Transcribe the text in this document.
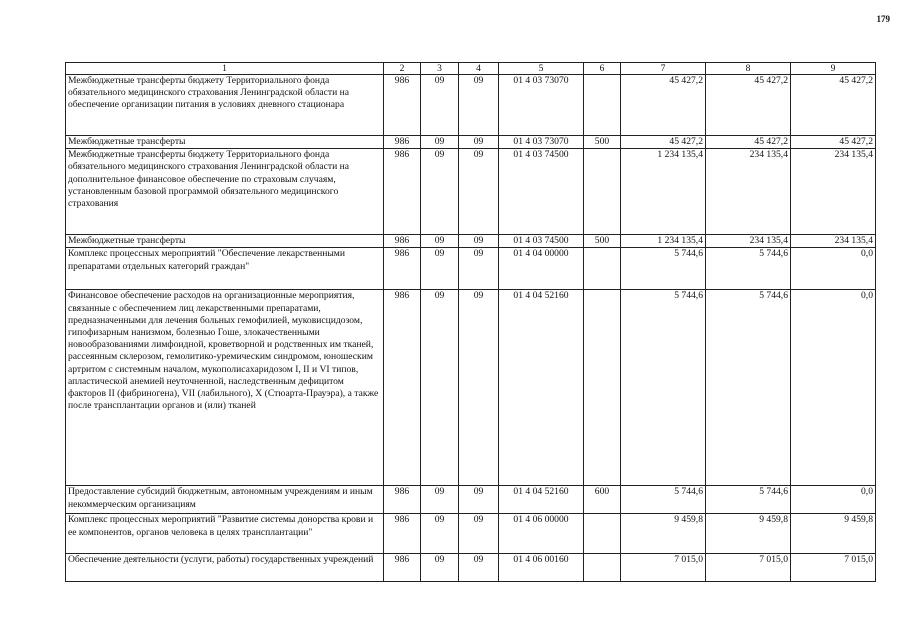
179
1	2	3	4	5	6	7	8	9
Межбюджетные трансферты бюджету Территориального фонда обязательного медицинского страхования Ленинградской области на обеспечение организации питания в условиях дневного стационара	986	09	09	01 4 03 73070		45 427,2	45 427,2	45 427,2
Межбюджетные трансферты	986	09	09	01 4 03 73070	500	45 427,2	45 427,2	45 427,2
Межбюджетные трансферты бюджету Территориального фонда обязательного медицинского страхования Ленинградской области на дополнительное финансовое обеспечение по страховым случаям, установленным базовой программой обязательного медицинского страхования	986	09	09	01 4 03 74500		1 234 135,4	234 135,4	234 135,4
Межбюджетные трансферты	986	09	09	01 4 03 74500	500	1 234 135,4	234 135,4	234 135,4
Комплекс процессных мероприятий "Обеспечение лекарственными препаратами отдельных категорий граждан"	986	09	09	01 4 04 00000		5 744,6	5 744,6	0,0
Финансовое обеспечение расходов на организационные мероприятия, связанные с обеспечением лиц лекарственными препаратами, предназначенными для лечения больных гемофилией, муковисцидозом, гипофизарным нанизмом, болезнью Гоше, злокачественными новообразованиями лимфоидной, кроветворной и родственных им тканей, рассеянным склерозом, гемолитико-уремическим синдромом, юношеским артритом с системным началом, мукополисахаридозом I, II и VI типов, апластической анемией неуточненной, наследственным дефицитом факторов II (фибриногена), VII (лабильного), X (Стюарта-Прауэра), а также после трансплантации органов и (или) тканей	986	09	09	01 4 04 52160		5 744,6	5 744,6	0,0
Предоставление субсидий бюджетным, автономным учреждениям и иным некоммерческим организациям	986	09	09	01 4 04 52160	600	5 744,6	5 744,6	0,0
Комплекс процессных мероприятий "Развитие системы донорства крови и ее компонентов, органов человека в целях трансплантации"	986	09	09	01 4 06 00000		9 459,8	9 459,8	9 459,8
Обеспечение деятельности (услуги, работы) государственных учреждений	986	09	09	01 4 06 00160		7 015,0	7 015,0	7 015,0
